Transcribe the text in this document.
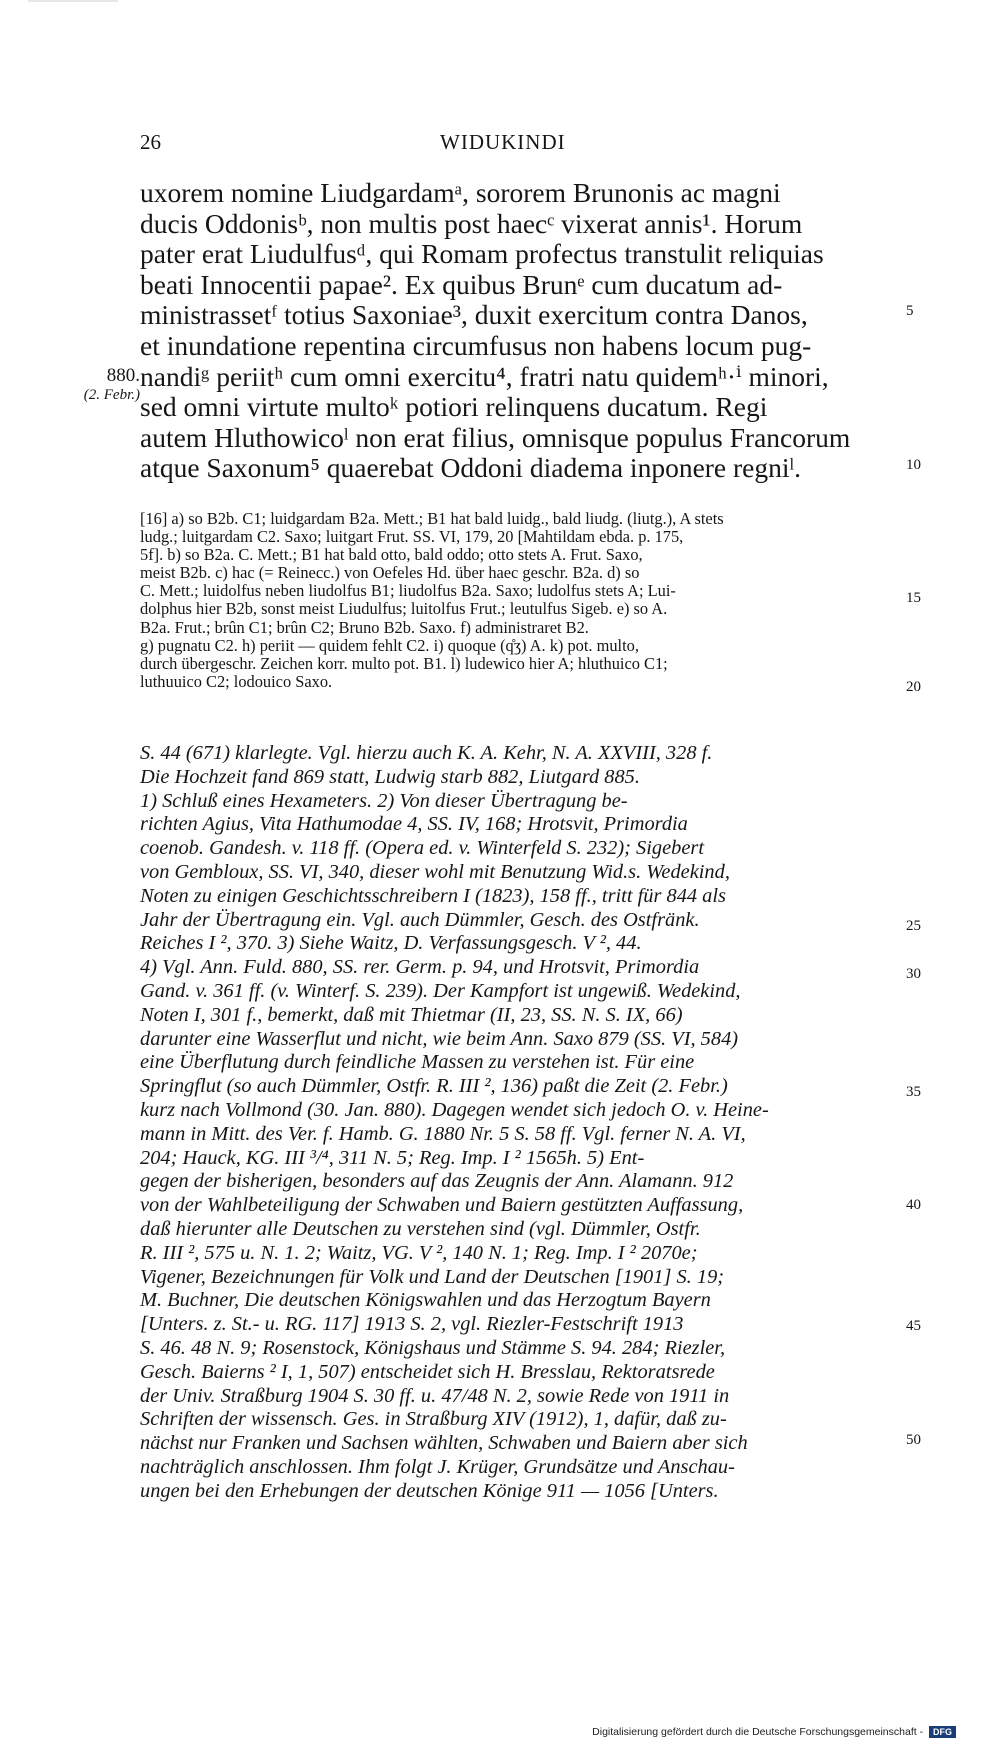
26	WIDUKINDI
uxorem nomine Liudgardamᵃ, sororem Brunonis ac magni
ducis Oddonisᵇ, non multis post haecᶜ vixerat annis¹. Horum
pater erat Liudulfusᵈ, qui Romam profectus transtulit reliquias
beati Innocentii papae². Ex quibus Brunᵉ cum ducatum ad-
ministrassetᶠ totius Saxoniae³, duxit exercitum contra Danos,
et inundatione repentina circumfusus non habens locum pug-
nandiᵍ periitʰ cum omni exercitu⁴, fratri natu quidemʰ·ⁱ minori,
sed omni virtute multoᵏ potiori relinquens ducatum. Regi
autem Hluthowicoˡ non erat filius, omnisque populus Francorum
atque Saxonum⁵ quaerebat Oddoni diadema inponere regniˡ.
880.
(2. Febr.)
5
10
15
20
25
30
35
40
45
50
[16] a) so B2b. C1; luidgardam B2a. Mett.; B1 hat bald luidg., bald liudg. (liutg.), A stets
ludg.; luitgardam C2. Saxo; luitgart Frut. SS. VI, 179, 20 [Mahtildam ebda. p. 175,
5f]. b) so B2a. C. Mett.; B1 hat bald otto, bald oddo; otto stets A. Frut. Saxo,
meist B2b. c) hac (= Reinecc.) von Oefeles Hd. über haec geschr. B2a. d) so
C. Mett.; luidolfus neben liudolfus B1; liudolfus B2a. Saxo; ludolfus stets A; Lui-
dolphus hier B2b, sonst meist Liudulfus; luitolfus Frut.; leutulfus Sigeb. e) so A.
B2a. Frut.; brûn C1; brûn C2; Bruno B2b. Saxo. f) administraret B2.
g) pugnatu C2. h) periit — quidem fehlt C2. i) quoque (q̊ʒ) A. k) pot. multo,
durch übergeschr. Zeichen korr. multo pot. B1. l) ludewico hier A; hluthuico C1;
luthuuico C2; lodouico Saxo.
S. 44 (671) klarlegte. Vgl. hierzu auch K. A. Kehr, N. A. XXVIII, 328 f.
Die Hochzeit fand 869 statt, Ludwig starb 882, Liutgard 885.
1) Schluß eines Hexameters. 2) Von dieser Übertragung be-
richten Agius, Vita Hathumodae 4, SS. IV, 168; Hrotsvit, Primordia
coenob. Gandesh. v. 118 ff. (Opera ed. v. Winterfeld S. 232); Sigebert
von Gembloux, SS. VI, 340, dieser wohl mit Benutzung Wid.s. Wedekind,
Noten zu einigen Geschichtsschreibern I (1823), 158 ff., tritt für 844 als
Jahr der Übertragung ein. Vgl. auch Dümmler, Gesch. des Ostfränk.
Reiches I ², 370. 3) Siehe Waitz, D. Verfassungsgesch. V ², 44.
4) Vgl. Ann. Fuld. 880, SS. rer. Germ. p. 94, und Hrotsvit, Primordia
Gand. v. 361 ff. (v. Winterf. S. 239). Der Kampfort ist ungewiß. Wedekind,
Noten I, 301 f., bemerkt, daß mit Thietmar (II, 23, SS. N. S. IX, 66)
darunter eine Wasserflut und nicht, wie beim Ann. Saxo 879 (SS. VI, 584)
eine Überflutung durch feindliche Massen zu verstehen ist. Für eine
Springflut (so auch Dümmler, Ostfr. R. III ², 136) paßt die Zeit (2. Febr.)
kurz nach Vollmond (30. Jan. 880). Dagegen wendet sich jedoch O. v. Heine-
mann in Mitt. des Ver. f. Hamb. G. 1880 Nr. 5 S. 58 ff. Vgl. ferner N. A. VI,
204; Hauck, KG. III ³/⁴, 311 N. 5; Reg. Imp. I ² 1565h. 5) Ent-
gegen der bisherigen, besonders auf das Zeugnis der Ann. Alamann. 912
von der Wahlbeteiligung der Schwaben und Baiern gestützten Auffassung,
daß hierunter alle Deutschen zu verstehen sind (vgl. Dümmler, Ostfr.
R. III ², 575 u. N. 1. 2; Waitz, VG. V ², 140 N. 1; Reg. Imp. I ² 2070e;
Vigener, Bezeichnungen für Volk und Land der Deutschen [1901] S. 19;
M. Buchner, Die deutschen Königswahlen und das Herzogtum Bayern
[Unters. z. St.- u. RG. 117] 1913 S. 2, vgl. Riezler-Festschrift 1913
S. 46. 48 N. 9; Rosenstock, Königshaus und Stämme S. 94. 284; Riezler,
Gesch. Baierns ² I, 1, 507) entscheidet sich H. Bresslau, Rektoratsrede
der Univ. Straßburg 1904 S. 30 ff. u. 47/48 N. 2, sowie Rede von 1911 in
Schriften der wissensch. Ges. in Straßburg XIV (1912), 1, dafür, daß zu-
nächst nur Franken und Sachsen wählten, Schwaben und Baiern aber sich
nachträglich anschlossen. Ihm folgt J. Krüger, Grundsätze und Anschau-
ungen bei den Erhebungen der deutschen Könige 911 — 1056 [Unters.
Digitalisierung gefördert durch die Deutsche Forschungsgemeinschaft - DFG
